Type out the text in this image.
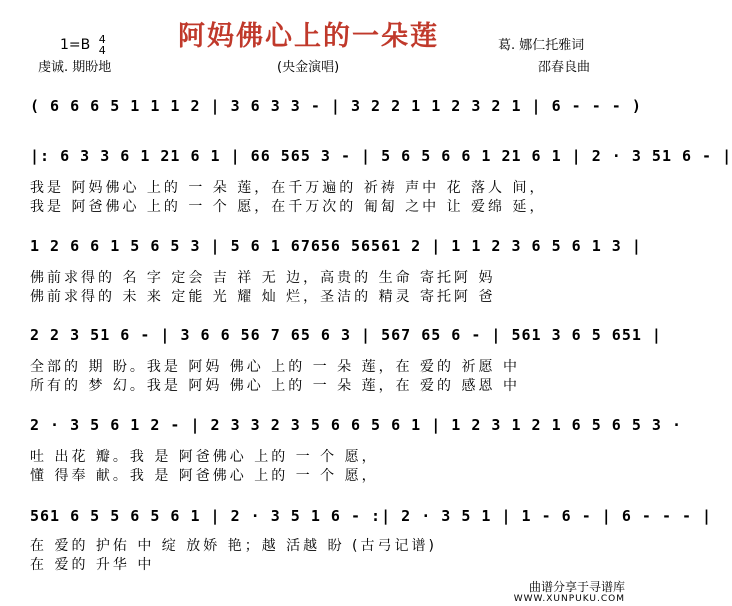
阿妈佛心上的一朵莲
1=B 4
4
虔诚. 期盼地	(央金演唱)
葛. 娜仁托雅词
邵春良曲
( 6 6 6 5 1 1 1 2 | 3 6 3 3 - | 3 2 2 1 1 2 3 2 1 | 6 - - - )
|: 6 3 3 6 1 21 6 1 | 66 565 3 - | 5 6 5 6 6 1 21 6 1 | 2 · 3 51 6 - |
我是 阿妈佛心 上的 一 朵 莲，在千万遍的 祈祷 声中 花 落人 间，
我是 阿爸佛心 上的 一 个 愿，在千万次的 匍匐 之中 让 爱绵 延，
1 2 6 6 1 5 6 5 3 | 5 6 1 67656 56561 2 | 1 1 2 3 6 5 6 1 3 |
佛前求得的 名 字 定会 吉 祥 无 边，高贵的 生命 寄托阿 妈
佛前求得的 未 来 定能 光 耀 灿 烂，圣洁的 精灵 寄托阿 爸
2 2 3 51 6 - | 3 6 6 56 7 65 6 3 | 567 65 6 - | 561 3 6 5 651 |
全部的 期 盼。我是 阿妈 佛心 上的 一 朵 莲，在 爱的 祈愿 中
所有的 梦 幻。我是 阿妈 佛心 上的 一 朵 莲，在 爱的 感恩 中
2 · 3 5 6 1 2 - | 2 3 3 2 3 5 6 6 5 6 1 | 1 2 3 1 2 1 6 5 6 5 3 ·
吐 出花 瓣。我 是 阿爸佛心 上的 一 个 愿，
懂 得奉 献。我 是 阿爸佛心 上的 一 个 愿，
561 6 5 5 6 5 6 1 | 2 · 3 5 1 6 - :| 2 · 3 5 1 | 1 - 6 - | 6 - - - |
在 爱的 护佑 中 绽 放娇 艳；越 活越 盼 (古弓记谱)
在 爱的 升华 中
曲谱分享于寻谱库
WWW.XUNPUKU.COM
